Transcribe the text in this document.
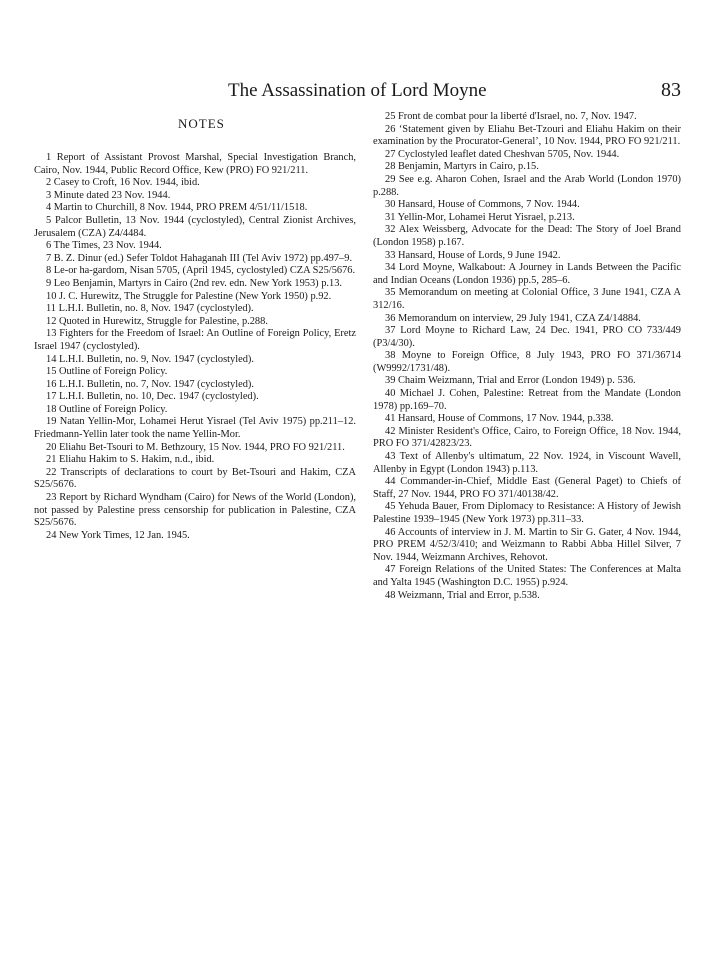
The Assassination of Lord Moyne	83
NOTES

1 Report of Assistant Provost Marshal, Special Investigation Branch, Cairo, Nov. 1944, Public Record Office, Kew (PRO) FO 921/211.

2 Casey to Croft, 16 Nov. 1944, ibid.

3 Minute dated 23 Nov. 1944.

4 Martin to Churchill, 8 Nov. 1944, PRO PREM 4/51/11/1518.

5 Palcor Bulletin, 13 Nov. 1944 (cyclostyled), Central Zionist Archives, Jerusalem (CZA) Z4/4484.

6 The Times, 23 Nov. 1944.

7 B. Z. Dinur (ed.) Sefer Toldot Hahaganah III (Tel Aviv 1972) pp.497–9.

8 Le-or ha-gardom, Nisan 5705, (April 1945, cyclostyled) CZA S25/5676.

9 Leo Benjamin, Martyrs in Cairo (2nd rev. edn. New York 1953) p.13.

10 J. C. Hurewitz, The Struggle for Palestine (New York 1950) p.92.

11 L.H.I. Bulletin, no. 8, Nov. 1947 (cyclostyled).

12 Quoted in Hurewitz, Struggle for Palestine, p.288.

13 Fighters for the Freedom of Israel: An Outline of Foreign Policy, Eretz Israel 1947 (cyclostyled).

14 L.H.I. Bulletin, no. 9, Nov. 1947 (cyclostyled).

15 Outline of Foreign Policy.

16 L.H.I. Bulletin, no. 7, Nov. 1947 (cyclostyled).

17 L.H.I. Bulletin, no. 10, Dec. 1947 (cyclostyled).

18 Outline of Foreign Policy.

19 Natan Yellin-Mor, Lohamei Herut Yisrael (Tel Aviv 1975) pp.211–12. Friedmann-Yellin later took the name Yellin-Mor.

20 Eliahu Bet-Tsouri to M. Bethzoury, 15 Nov. 1944, PRO FO 921/211.

21 Eliahu Hakim to S. Hakim, n.d., ibid.

22 Transcripts of declarations to court by Bet-Tsouri and Hakim, CZA S25/5676.

23 Report by Richard Wyndham (Cairo) for News of the World (London), not passed by Palestine press censorship for publication in Palestine, CZA S25/5676.

24 New York Times, 12 Jan. 1945.

25 Front de combat pour la liberté d'Israel, no. 7, Nov. 1947.

26 ‘Statement given by Eliahu Bet-Tzouri and Eliahu Hakim on their examination by the Procurator-General’, 10 Nov. 1944, PRO FO 921/211.

27 Cyclostyled leaflet dated Cheshvan 5705, Nov. 1944.

28 Benjamin, Martyrs in Cairo, p.15.

29 See e.g. Aharon Cohen, Israel and the Arab World (London 1970) p.288.

30 Hansard, House of Commons, 7 Nov. 1944.

31 Yellin-Mor, Lohamei Herut Yisrael, p.213.

32 Alex Weissberg, Advocate for the Dead: The Story of Joel Brand (London 1958) p.167.

33 Hansard, House of Lords, 9 June 1942.

34 Lord Moyne, Walkabout: A Journey in Lands Between the Pacific and Indian Oceans (London 1936) pp.5, 285–6.

35 Memorandum on meeting at Colonial Office, 3 June 1941, CZA A 312/16.

36 Memorandum on interview, 29 July 1941, CZA Z4/14884.

37 Lord Moyne to Richard Law, 24 Dec. 1941, PRO CO 733/449 (P3/4/30).

38 Moyne to Foreign Office, 8 July 1943, PRO FO 371/36714 (W9992/1731/48).

39 Chaim Weizmann, Trial and Error (London 1949) p. 536.

40 Michael J. Cohen, Palestine: Retreat from the Mandate (London 1978) pp.169–70.

41 Hansard, House of Commons, 17 Nov. 1944, p.338.

42 Minister Resident's Office, Cairo, to Foreign Office, 18 Nov. 1944, PRO FO 371/42823/23.

43 Text of Allenby's ultimatum, 22 Nov. 1924, in Viscount Wavell, Allenby in Egypt (London 1943) p.113.

44 Commander-in-Chief, Middle East (General Paget) to Chiefs of Staff, 27 Nov. 1944, PRO FO 371/40138/42.

45 Yehuda Bauer, From Diplomacy to Resistance: A History of Jewish Palestine 1939–1945 (New York 1973) pp.311–33.

46 Accounts of interview in J. M. Martin to Sir G. Gater, 4 Nov. 1944, PRO PREM 4/52/3/410; and Weizmann to Rabbi Abba Hillel Silver, 7 Nov. 1944, Weizmann Archives, Rehovot.

47 Foreign Relations of the United States: The Conferences at Malta and Yalta 1945 (Washington D.C. 1955) p.924.

48 Weizmann, Trial and Error, p.538.
